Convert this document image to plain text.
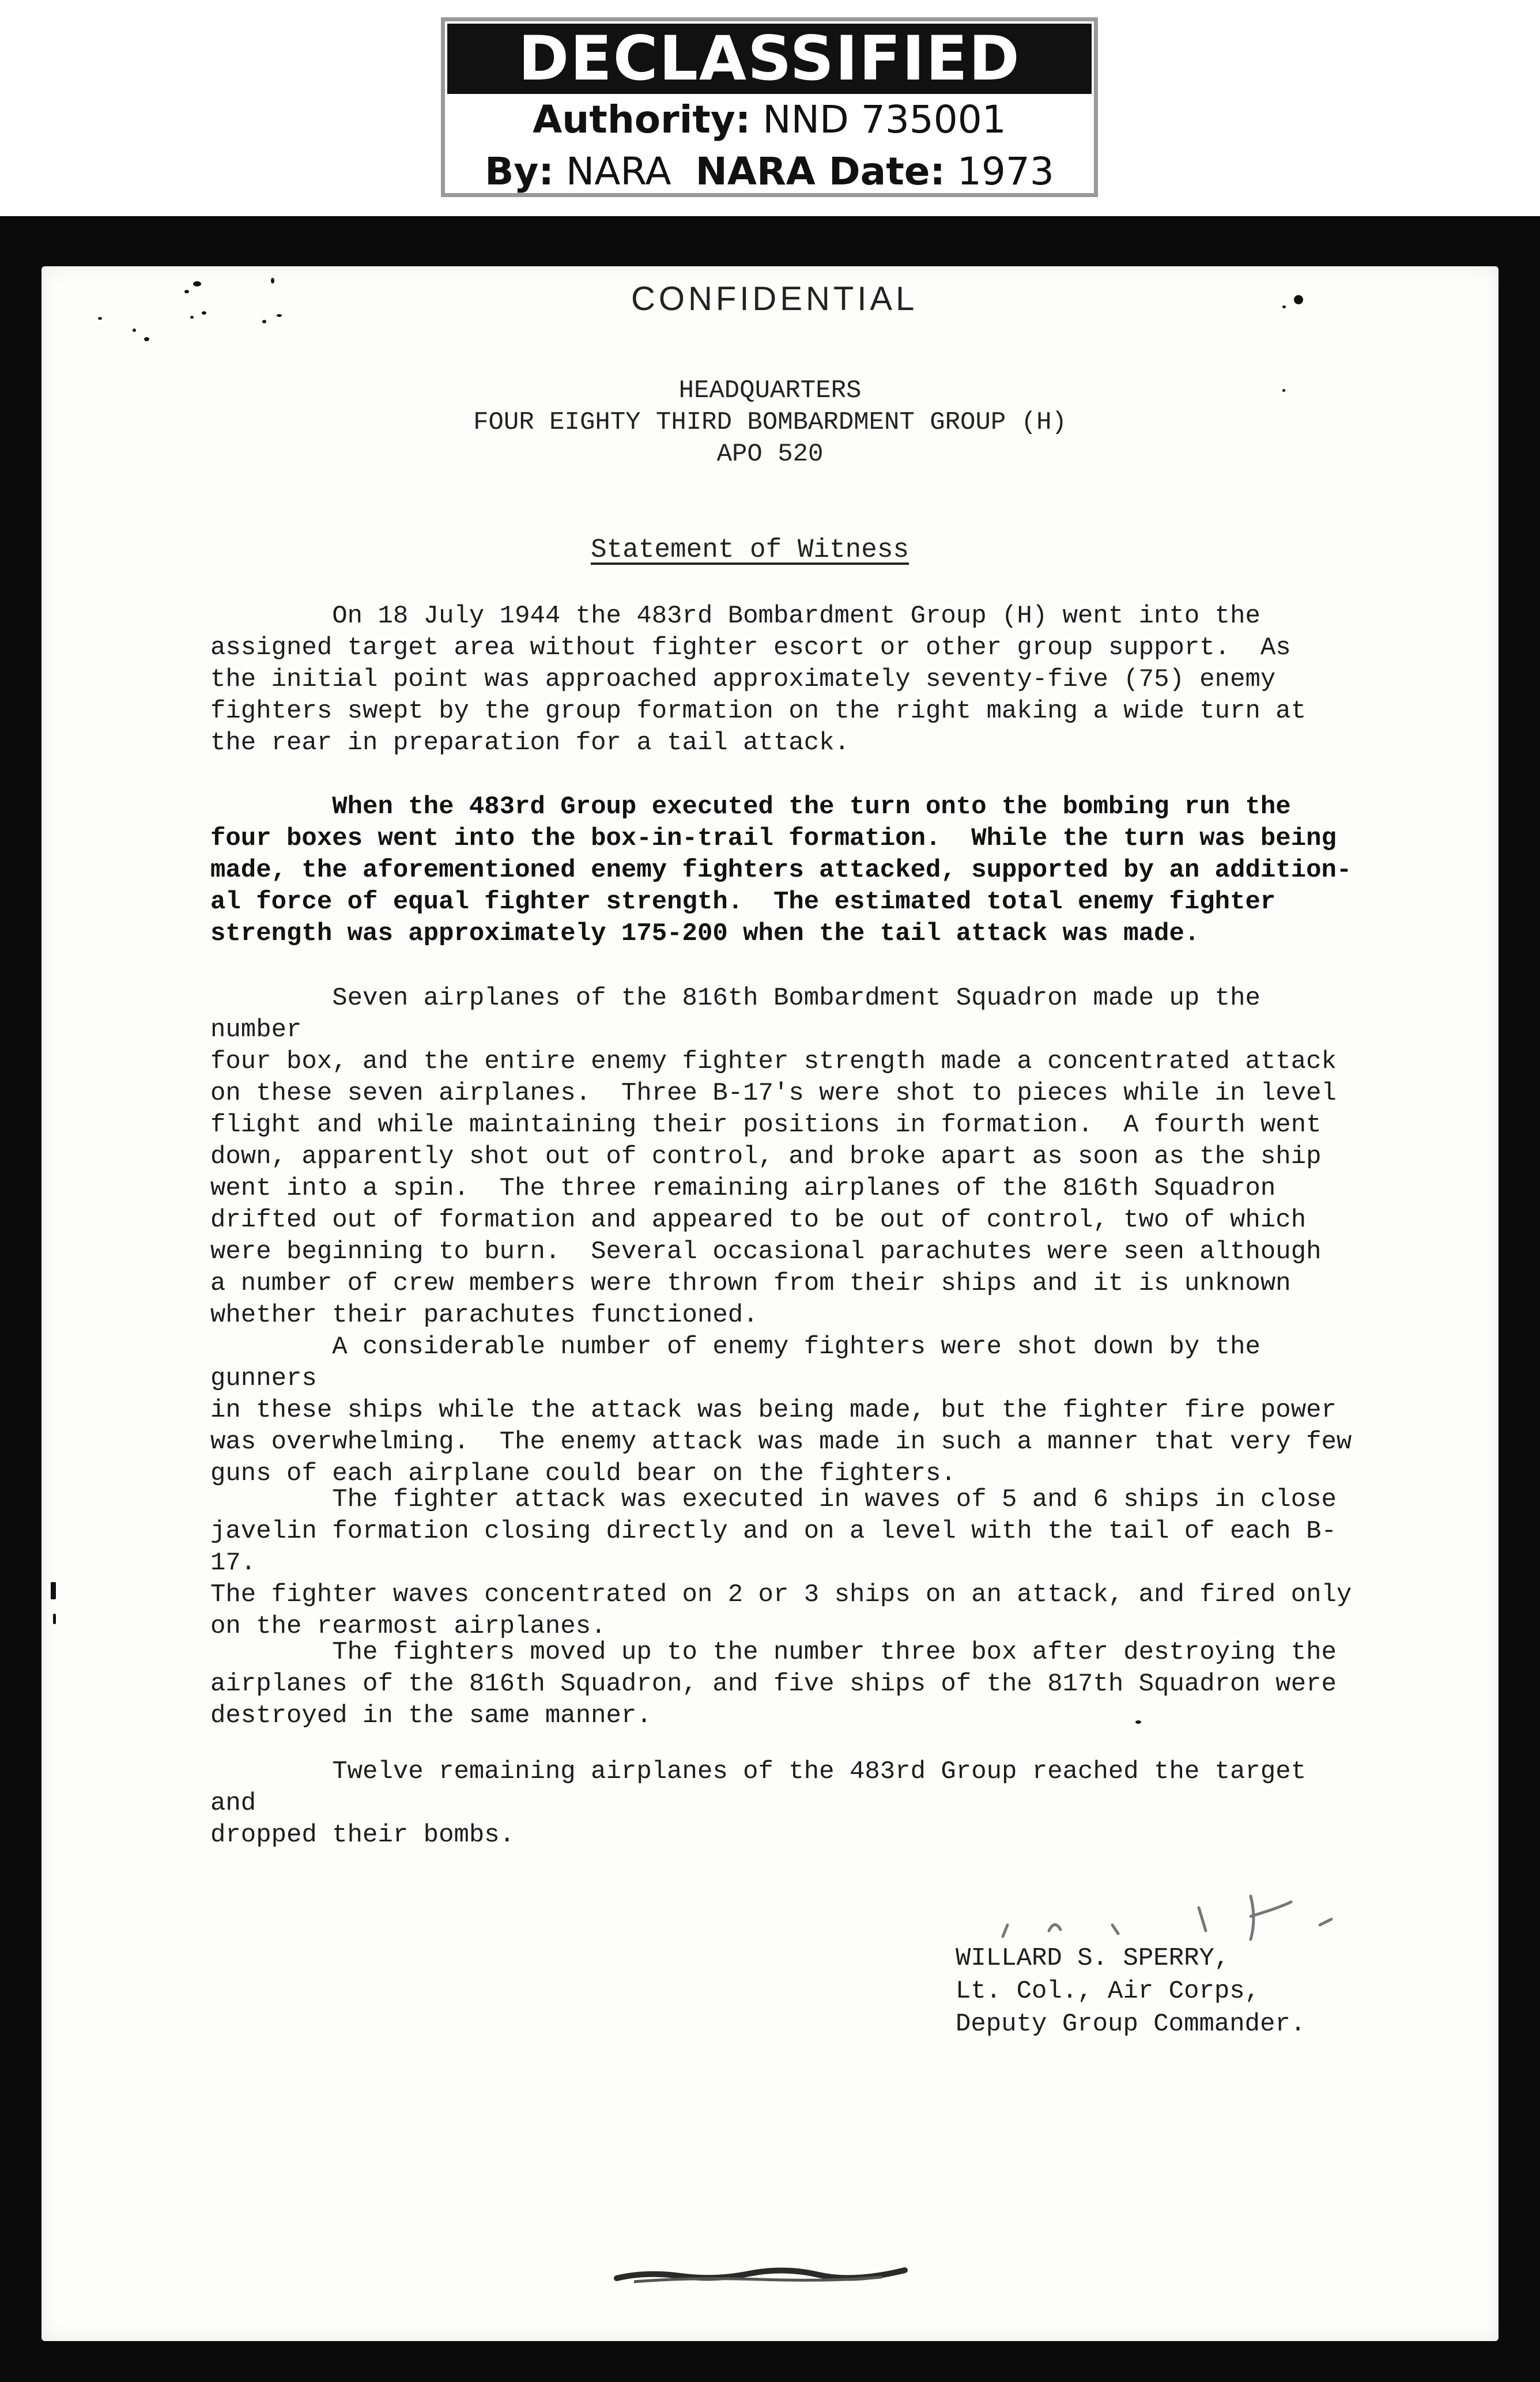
DECLASSIFIED
Authority: NND 735001
By: NARA NARA Date: 1973
CONFIDENTIAL
HEADQUARTERS
FOUR EIGHTY THIRD BOMBARDMENT GROUP (H)
APO 520
Statement of Witness

On 18 July 1944 the 483rd Bombardment Group (H) went into the
assigned target area without fighter escort or other group support.  As
the initial point was approached approximately seventy-five (75) enemy
fighters swept by the group formation on the right making a wide turn at
the rear in preparation for a tail attack.

When the 483rd Group executed the turn onto the bombing run the
four boxes went into the box-in-trail formation.  While the turn was being
made, the aforementioned enemy fighters attacked, supported by an addition-
al force of equal fighter strength.  The estimated total enemy fighter
strength was approximately 175-200 when the tail attack was made.

Seven airplanes of the 816th Bombardment Squadron made up the number
four box, and the entire enemy fighter strength made a concentrated attack
on these seven airplanes.  Three B-17's were shot to pieces while in level
flight and while maintaining their positions in formation.  A fourth went
down, apparently shot out of control, and broke apart as soon as the ship
went into a spin.  The three remaining airplanes of the 816th Squadron
drifted out of formation and appeared to be out of control, two of which
were beginning to burn.  Several occasional parachutes were seen although
a number of crew members were thrown from their ships and it is unknown
whether their parachutes functioned.

A considerable number of enemy fighters were shot down by the gunners
in these ships while the attack was being made, but the fighter fire power
was overwhelming.  The enemy attack was made in such a manner that very few
guns of each airplane could bear on the fighters.

The fighter attack was executed in waves of 5 and 6 ships in close
javelin formation closing directly and on a level with the tail of each B-17.
The fighter waves concentrated on 2 or 3 ships on an attack, and fired only
on the rearmost airplanes.

The fighters moved up to the number three box after destroying the
airplanes of the 816th Squadron, and five ships of the 817th Squadron were
destroyed in the same manner.

Twelve remaining airplanes of the 483rd Group reached the target and
dropped their bombs.

WILLARD S. SPERRY,
Lt. Col., Air Corps,
Deputy Group Commander.
